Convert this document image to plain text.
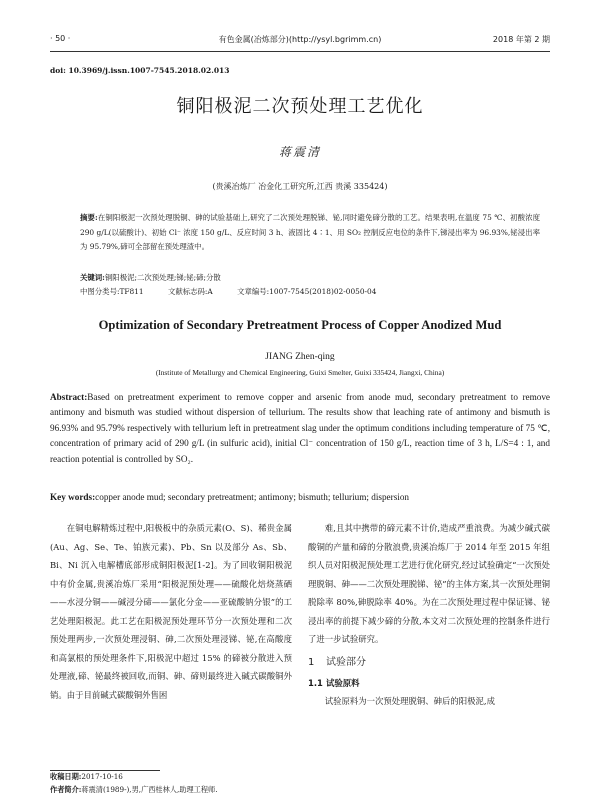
· 50 ·	有色金属(冶炼部分)(http://ysyl.bgrimm.cn)	2018 年第 2 期
doi: 10.3969/j.issn.1007-7545.2018.02.013
铜阳极泥二次预处理工艺优化
蒋震清
(贵溪冶炼厂 冶金化工研究所,江西 贵溪 335424)
摘要:在铜阳极泥一次预处理脱铜、砷的试验基础上,研究了二次预处理脱锑、铋,同时避免碲分散的工艺。结果表明,在温度 75 ℃、初酸浓度 290 g/L(以硫酸计)、初始 Cl⁻ 浓度 150 g/L、反应时间 3 h、液固比 4∶1、用 SO₂ 控制反应电位的条件下,锑浸出率为 96.93%,铋浸出率为 95.79%,碲可全部留在预处理渣中。
关键词:铜阳极泥;二次预处理;锑;铋;碲;分散
中图分类号:TF811	文献标志码:A	文章编号:1007-7545(2018)02-0050-04
Optimization of Secondary Pretreatment Process of Copper Anodized Mud
JIANG Zhen-qing
(Institute of Metallurgy and Chemical Engineering, Guixi Smelter, Guixi 335424, Jiangxi, China)
Abstract:Based on pretreatment experiment to remove copper and arsenic from anode mud, secondary pretreatment to remove antimony and bismuth was studied without dispersion of tellurium. The results show that leaching rate of antimony and bismuth is 96.93% and 95.79% respectively with tellurium left in pretreatment slag under the optimum conditions including temperature of 75 ℃, concentration of primary acid of 290 g/L (in sulfuric acid), initial Cl⁻ concentration of 150 g/L, reaction time of 3 h, L/S=4 : 1, and reaction potential is controlled by SO₂.
Key words:copper anode mud; secondary pretreatment; antimony; bismuth; tellurium; dispersion

在铜电解精炼过程中,阳极板中的杂质元素(O、S)、稀贵金属(Au、Ag、Se、Te、铂族元素)、Pb、Sn 以及部分 As、Sb、Bi、Ni 沉入电解槽底部形成铜阳极泥[1-2]。为了回收铜阳极泥中有价金属,贵溪冶炼厂采用“阳极泥预处理——硫酸化焙烧蒸硒——水浸分铜——碱浸分碲——氯化分金——亚硫酸钠分银”的工艺处理阳极泥。此工艺在阳极泥预处理环节分一次预处理和二次预处理两步,一次预处理浸铜、砷,二次预处理浸锑、铋,在高酸度和高氯根的预处理条件下,阳极泥中超过 15% 的碲被分散进入预处理液,碲、铋最终被回收,而铜、砷、碲则最终进入碱式碳酸铜外销。由于目前碱式碳酸铜外售困

难,且其中携带的碲元素不计价,造成严重浪费。为减少碱式碳酸铜的产量和碲的分散浪费,贵溪冶炼厂于 2014 年至 2015 年组织人员对阳极泥预处理工艺进行优化研究,经过试验确定“一次预处理脱铜、砷——二次预处理脱锑、铋”的主体方案,其一次预处理铜脱除率 80%,砷脱除率 40%。为在二次预处理过程中保证锑、铋浸出率的前提下减少碲的分散,本文对二次预处理的控制条件进行了进一步试验研究。

1 试验部分
1.1 试验原料

试验原料为一次预处理脱铜、砷后的阳极泥,成

收稿日期:2017-10-16
作者简介:蒋震清(1989-),男,广西桂林人,助理工程师.
